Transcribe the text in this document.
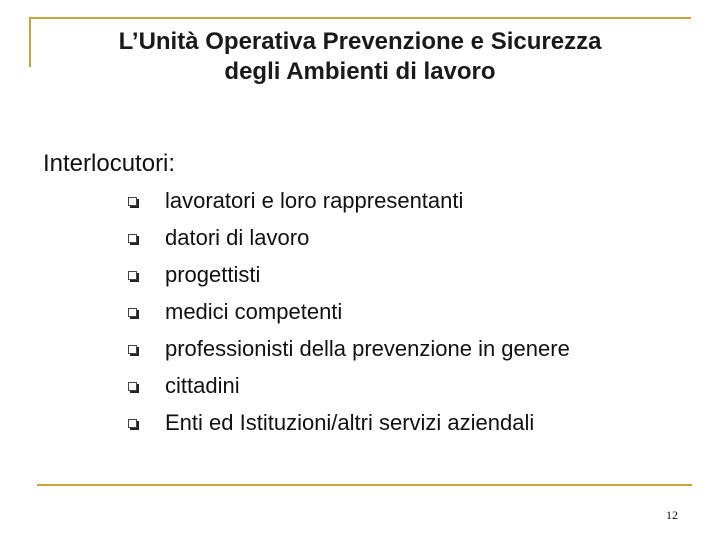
L’Unità Operativa Prevenzione e Sicurezza
degli Ambienti di lavoro
Interlocutori:
lavoratori e loro rappresentanti
datori di lavoro
progettisti
medici competenti
professionisti della prevenzione in genere
cittadini
Enti ed Istituzioni/altri servizi aziendali
12
